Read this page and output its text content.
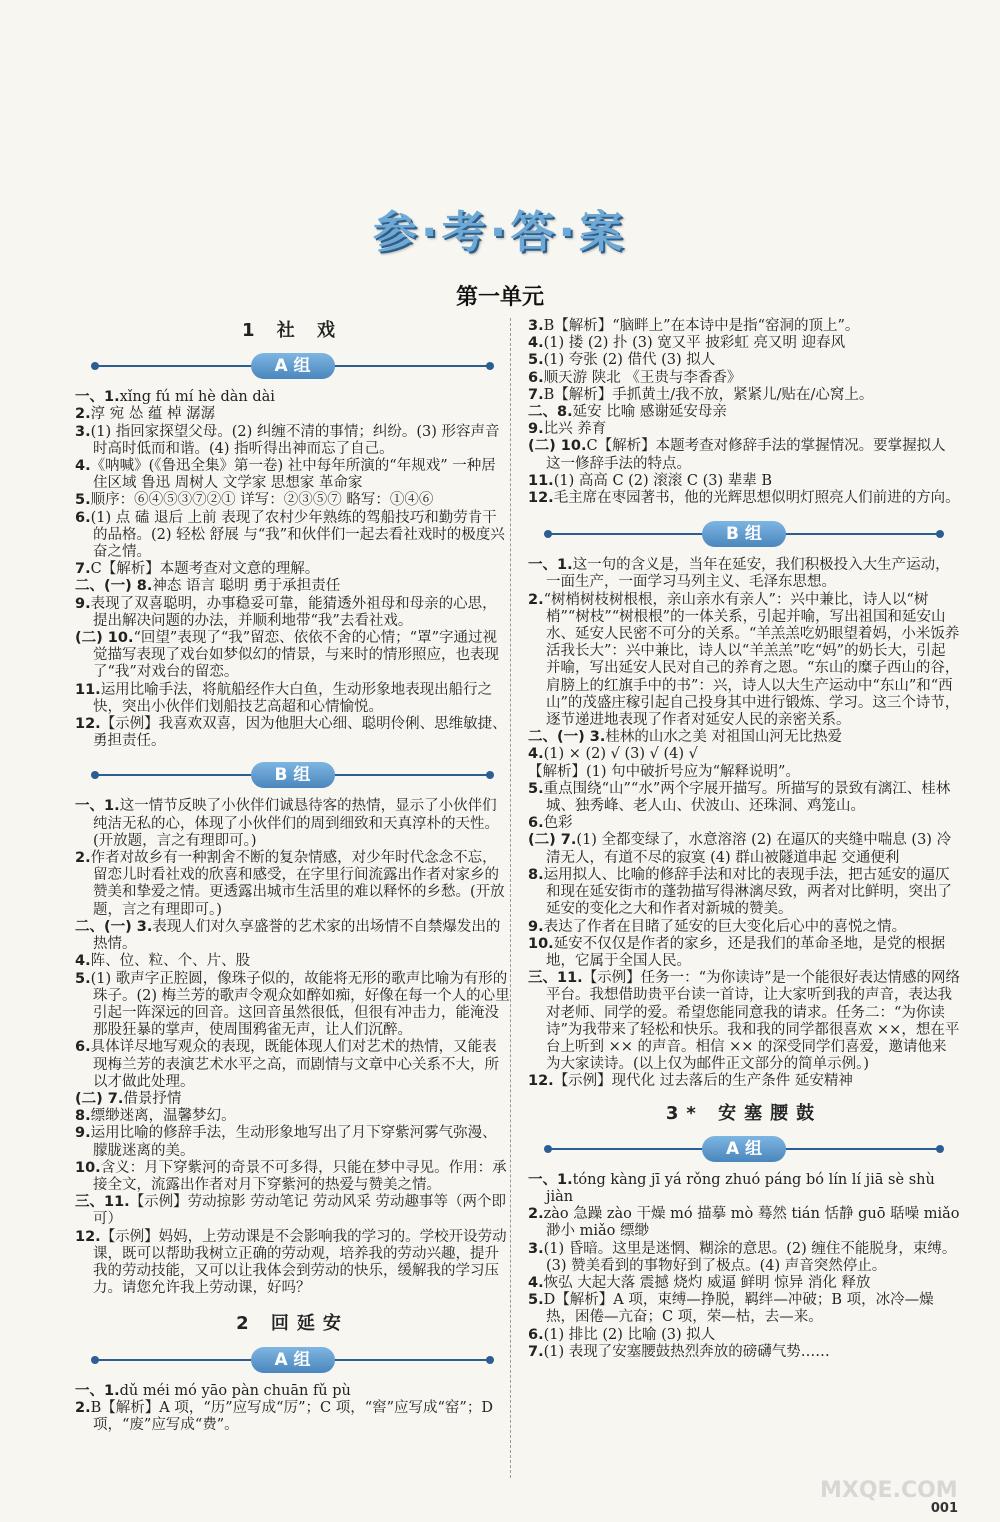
参·考·答·案
第一单元
1 社 戏
A 组

一、1.xǐng fú mí hè dàn dài

2.淳 宛 怂 蕴 棹 潺潺

3.(1) 指回家探望父母。(2) 纠缠不清的事情；纠纷。(3) 形容声音时高时低而和谐。(4) 指听得出神而忘了自己。

4.《呐喊》(《鲁迅全集》第一卷) 社中每年所演的“年规戏” 一种居住区域 鲁迅 周树人 文学家 思想家 革命家

5.顺序：⑥④⑤③⑦②① 详写：②③⑤⑦ 略写：①④⑥

6.(1) 点 磕 退后 上前 表现了农村少年熟练的驾船技巧和勤劳肯干的品格。(2) 轻松 舒展 与“我”和伙伴们一起去看社戏时的极度兴奋之情。

7.C【解析】本题考查对文意的理解。

二、(一) 8.神态 语言 聪明 勇于承担责任

9.表现了双喜聪明，办事稳妥可靠，能猜透外祖母和母亲的心思，提出解决问题的办法，并顺利地带“我”去看社戏。

(二) 10.“回望”表现了“我”留恋、依依不舍的心情；“罩”字通过视觉描写表现了戏台如梦似幻的情景，与来时的情形照应，也表现了“我”对戏台的留恋。

11.运用比喻手法，将航船经作大白鱼，生动形象地表现出船行之快，突出小伙伴们划船技艺高超和心情愉悦。

12.【示例】我喜欢双喜，因为他胆大心细、聪明伶俐、思维敏捷、勇担责任。

B 组

一、1.这一情节反映了小伙伴们诚恳待客的热情，显示了小伙伴们纯洁无私的心，体现了小伙伴们的周到细致和天真淳朴的天性。(开放题，言之有理即可。)

2.作者对故乡有一种割舍不断的复杂情感，对少年时代念念不忘，留恋儿时看社戏的欣喜和感受，在字里行间流露出作者对家乡的赞美和挚爱之情。更透露出城市生活里的难以释怀的乡愁。(开放题，言之有理即可。)

二、(一) 3.表现人们对久享盛誉的艺术家的出场情不自禁爆发出的热情。

4.阵、位、粒、个、片、股

5.(1) 歌声字正腔圆，像珠子似的，故能将无形的歌声比喻为有形的珠子。(2) 梅兰芳的歌声令观众如醉如痴，好像在每一个人的心里引起一阵深远的回音。这回音虽然很低，但很有冲击力，能淹没那股狂暴的掌声，使周围鸦雀无声，让人们沉醉。

6.具体详尽地写观众的表现，既能体现人们对艺术的热情，又能表现梅兰芳的表演艺术水平之高，而剧情与文章中心关系不大，所以才做此处理。

(二) 7.借景抒情

8.缥缈迷离，温馨梦幻。

9.运用比喻的修辞手法，生动形象地写出了月下穿紫河雾气弥漫、朦胧迷离的美。

10.含义：月下穿紫河的奇景不可多得，只能在梦中寻见。作用：承接全文，流露出作者对月下穿紫河的热爱与赞美之情。

三、11.【示例】劳动掠影 劳动笔记 劳动风采 劳动趣事等（两个即可）

12.【示例】妈妈，上劳动课是不会影响我的学习的。学校开设劳动课，既可以帮助我树立正确的劳动观，培养我的劳动兴趣，提升我的劳动技能，又可以让我体会到劳动的快乐，缓解我的学习压力。请您允许我上劳动课，好吗？

2 回延安
A 组

一、1.dǔ méi mó yāo pàn chuān fǔ pù

2.B【解析】A 项，“历”应写成“厉”；C 项，“窖”应写成“窑”；D 项，“废”应写成“费”。

3.B【解析】“脑畔上”在本诗中是指“窑洞的顶上”。

4.(1) 搂 (2) 扑 (3) 宽又平 披彩虹 亮又明 迎春风

5.(1) 夸张 (2) 借代 (3) 拟人

6.顺天游 陕北 《王贵与李香香》

7.B【解析】手抓黄土/我不放，紧紧儿/贴在/心窝上。

二、8.延安 比喻 感谢延安母亲

9.比兴 养育

(二) 10.C【解析】本题考查对修辞手法的掌握情况。要掌握拟人这一修辞手法的特点。

11.(1) 高高 C (2) 滚滚 C (3) 辈辈 B

12.毛主席在枣园著书，他的光辉思想似明灯照亮人们前进的方向。

B 组

一、1.这一句的含义是，当年在延安，我们积极投入大生产运动，一面生产，一面学习马列主义、毛泽东思想。

2.“树梢树枝树根根，亲山亲水有亲人”：兴中兼比，诗人以“树梢”“树枝”“树根根”的一体关系，引起并喻，写出祖国和延安山水、延安人民密不可分的关系。“羊羔羔吃奶眼望着妈，小米饭养活我长大”：兴中兼比，诗人以“羊羔羔”吃“妈”的奶长大，引起并喻，写出延安人民对自己的养育之恩。“东山的糜子西山的谷，肩膀上的红旗手中的书”：兴，诗人以大生产运动中“东山”和“西山”的茂盛庄稼引起自己投身其中进行锻炼、学习。这三个诗节，逐节递进地表现了作者对延安人民的亲密关系。

二、(一) 3.桂林的山水之美 对祖国山河无比热爱

4.(1) × (2) √ (3) √ (4) √

【解析】(1) 句中破折号应为“解释说明”。

5.重点围绕“山”“水”两个字展开描写。所描写的景致有漓江、桂林城、独秀峰、老人山、伏波山、还珠洞、鸡笼山。

6.色彩

(二) 7.(1) 全都变绿了，水意溶溶 (2) 在逼仄的夹缝中喘息 (3) 冷清无人，有道不尽的寂寞 (4) 群山被隧道串起 交通便利

8.运用拟人、比喻的修辞手法和对比的表现手法，把古延安的逼仄和现在延安街市的蓬勃描写得淋漓尽致，两者对比鲜明，突出了延安的变化之大和作者对新城的赞美。

9.表达了作者在目睹了延安的巨大变化后心中的喜悦之情。

10.延安不仅仅是作者的家乡，还是我们的革命圣地，是党的根据地，它属于全国人民。

三、11.【示例】任务一：“为你读诗”是一个能很好表达情感的网络平台。我想借助贵平台读一首诗，让大家听到我的声音，表达我对老师、同学的爱。希望您能同意我的请求。任务二：“为你读诗”为我带来了轻松和快乐。我和我的同学都很喜欢 ××，想在平台上听到 ×× 的声音。相信 ×× 的深受同学们喜爱，邀请他来为大家读诗。(以上仅为邮件正文部分的简单示例。)

12.【示例】现代化 过去落后的生产条件 延安精神

3* 安塞腰鼓
A 组

一、1.tóng kàng jī yá rǒng zhuó páng bó lín lí jiā sè shù jiàn

2.zào 急躁 zào 干燥 mó 描摹 mò 蓦然 tián 恬静 guō 聒噪 miǎo 渺小 miǎo 缥缈

3.(1) 昏暗。这里是迷惘、糊涂的意思。(2) 缠住不能脱身，束缚。(3) 赞美看到的事物好到了极点。(4) 声音突然停止。

4.恢弘 大起大落 震撼 烧灼 威逼 鲜明 惊异 消化 释放

5.D【解析】A 项，束缚—挣脱，羁绊—冲破；B 项，冰冷—燥热，困倦—亢奋；C 项，荣—枯，去—来。

6.(1) 排比 (2) 比喻 (3) 拟人

7.(1) 表现了安塞腰鼓热烈奔放的磅礴气势……

MXQE.COM
001
